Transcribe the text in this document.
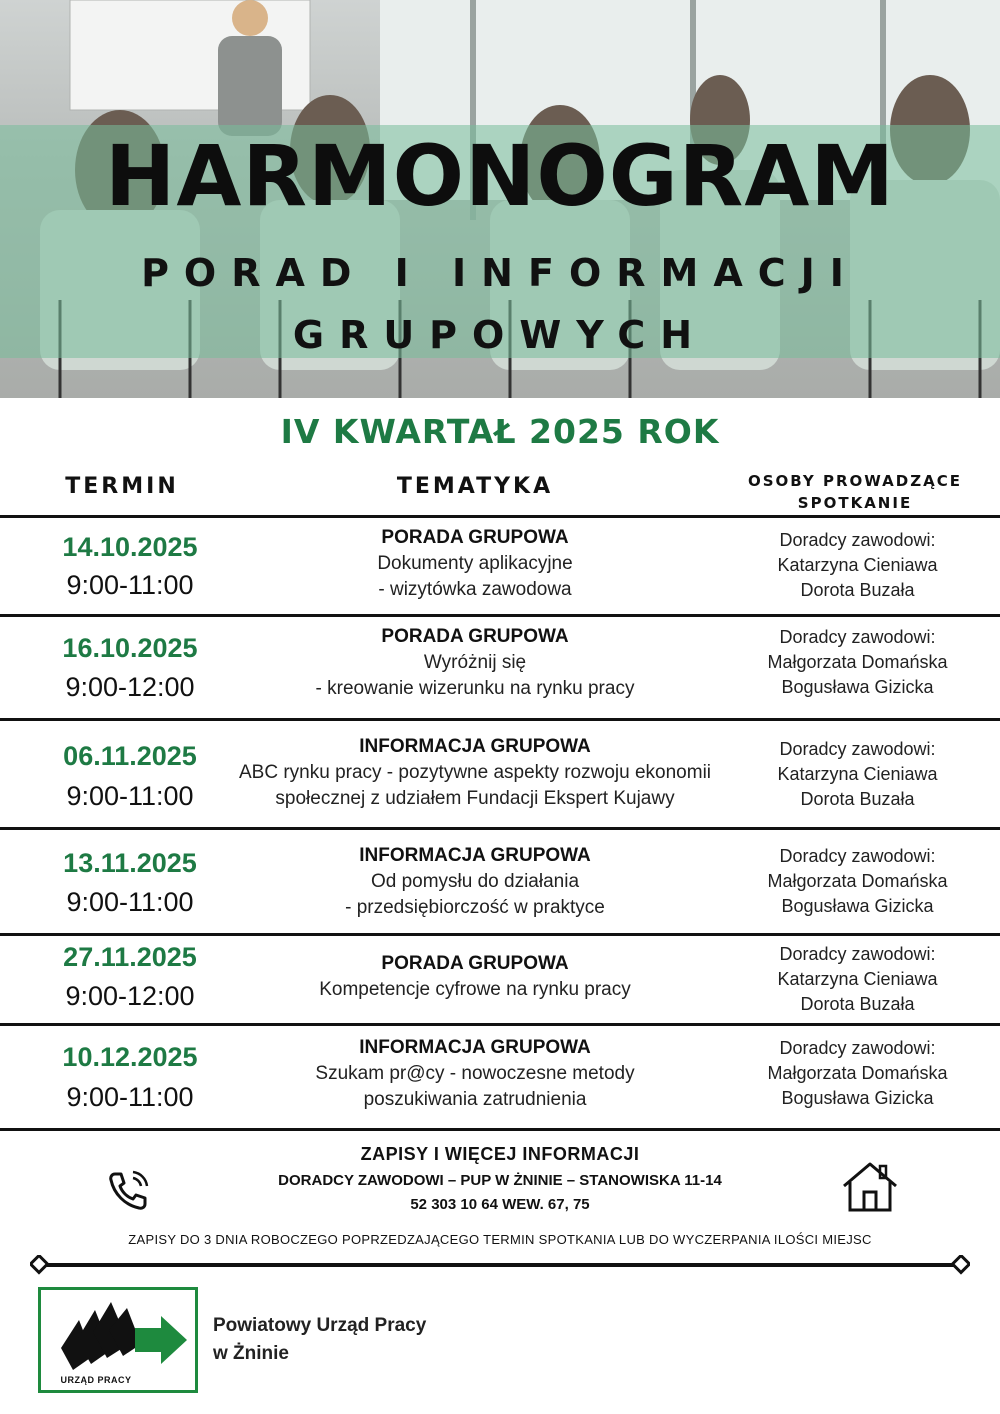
HARMONOGRAM
PORAD I INFORMACJI
GRUPOWYCH
IV KWARTAŁ 2025 ROK
TERMIN	TEMATYKA	OSOBY PROWADZĄCE
SPOTKANIE
14.10.2025
9:00-11:00
PORADA GRUPOWA
Dokumenty aplikacyjne
- wizytówka zawodowa
Doradcy zawodowi:
Katarzyna Cieniawa
Dorota Buzała
16.10.2025
9:00-12:00
PORADA GRUPOWA
Wyróżnij się
- kreowanie wizerunku na rynku pracy
Doradcy zawodowi:
Małgorzata Domańska
Bogusława Gizicka
06.11.2025
9:00-11:00
INFORMACJA GRUPOWA
ABC rynku pracy - pozytywne aspekty rozwoju ekonomii
społecznej z udziałem Fundacji Ekspert Kujawy
Doradcy zawodowi:
Katarzyna Cieniawa
Dorota Buzała
13.11.2025
9:00-11:00
INFORMACJA GRUPOWA
Od pomysłu do działania
- przedsiębiorczość w praktyce
Doradcy zawodowi:
Małgorzata Domańska
Bogusława Gizicka
27.11.2025
9:00-12:00
PORADA GRUPOWA
Kompetencje cyfrowe na rynku pracy
Doradcy zawodowi:
Katarzyna Cieniawa
Dorota Buzała
10.12.2025
9:00-11:00
INFORMACJA GRUPOWA
Szukam pr@cy - nowoczesne metody
poszukiwania zatrudnienia
Doradcy zawodowi:
Małgorzata Domańska
Bogusława Gizicka
ZAPISY I WIĘCEJ INFORMACJI
DORADCY ZAWODOWI – PUP W ŻNINIE – STANOWISKA 11-14
52 303 10 64 WEW. 67, 75
ZAPISY DO 3 DNIA ROBOCZEGO POPRZEDZAJĄCEGO TERMIN SPOTKANIA LUB DO WYCZERPANIA ILOŚCI MIEJSC
URZĄD PRACY
Powiatowy Urząd Pracy
w Żninie
